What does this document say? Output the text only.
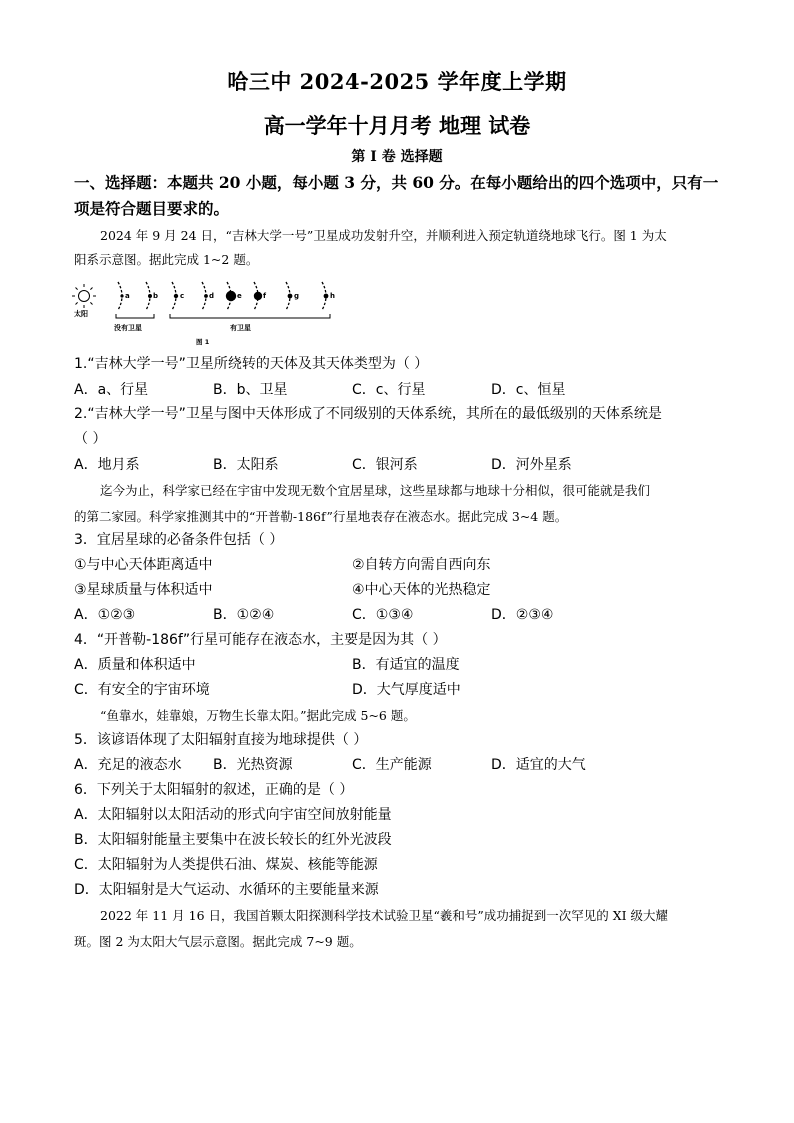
哈三中 2024-2025 学年度上学期
高一学年十月月考 地理 试卷
第 I 卷 选择题
一、选择题：本题共 20 小题，每小题 3 分，共 60 分。在每小题给出的四个选项中，只有一
项是符合题目要求的。
2024 年 9 月 24 日，“吉林大学一号”卫星成功发射升空，并顺利进入预定轨道绕地球飞行。图 1 为太
阳系示意图。据此完成 1~2 题。
太阳
a	b	c	d	e	f	g	h
没有卫星	有卫星
图 1
1.“吉林大学一号”卫星所绕转的天体及其天体类型为（ ）
A．a、行星	B．b、卫星	C．c、行星	D．c、恒星
2.“吉林大学一号”卫星与图中天体形成了不同级别的天体系统，其所在的最低级别的天体系统是
（ ）
A．地月系	B．太阳系	C．银河系	D．河外星系
迄今为止，科学家已经在宇宙中发现无数个宜居星球，这些星球都与地球十分相似，很可能就是我们
的第二家园。科学家推测其中的“开普勒-186f”行星地表存在液态水。据此完成 3~4 题。
3．宜居星球的必备条件包括（ ）
①与中心天体距离适中	②自转方向需自西向东
③星球质量与体积适中	④中心天体的光热稳定
A．①②③	B．①②④	C．①③④	D．②③④
4．“开普勒-186f”行星可能存在液态水，主要是因为其（ ）
A．质量和体积适中	B．有适宜的温度
C．有安全的宇宙环境	D．大气厚度适中
“鱼靠水，娃靠娘，万物生长靠太阳。”据此完成 5~6 题。
5．该谚语体现了太阳辐射直接为地球提供（ ）
A．充足的液态水 B．光热资源	C．生产能源	D．适宜的大气
6．下列关于太阳辐射的叙述，正确的是（ ）
A．太阳辐射以太阳活动的形式向宇宙空间放射能量
B．太阳辐射能量主要集中在波长较长的红外光波段
C．太阳辐射为人类提供石油、煤炭、核能等能源
D．太阳辐射是大气运动、水循环的主要能量来源
2022 年 11 月 16 日，我国首颗太阳探测科学技术试验卫星“羲和号”成功捕捉到一次罕见的 XI 级大耀
斑。图 2 为太阳大气层示意图。据此完成 7~9 题。
